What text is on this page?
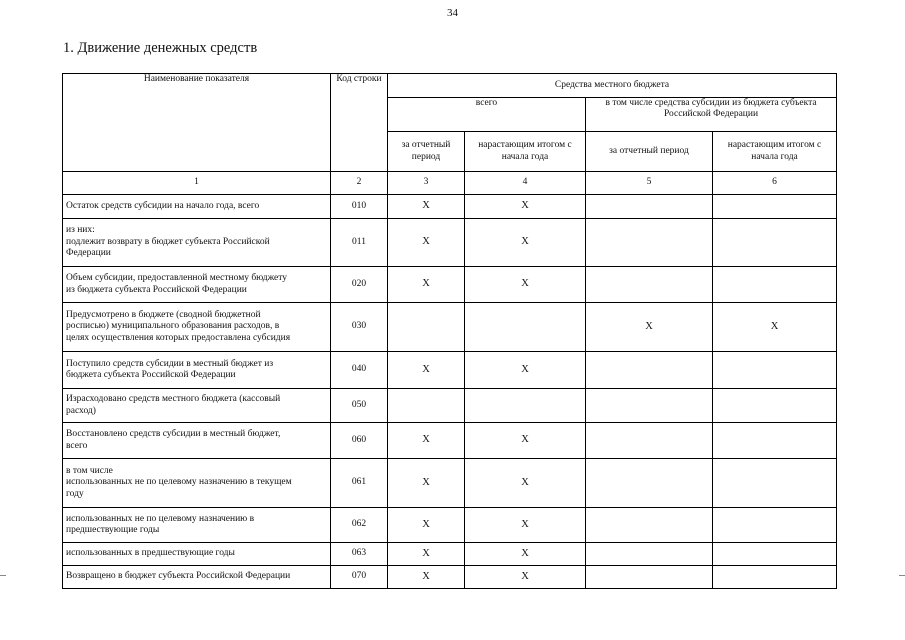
34
1. Движение денежных средств
Наименование показателя	Код строки	Средства местного бюджета			
		всего		в том числе средства субсидии из бюджета субъекта Российской Федерации	
		за отчетный период	нарастающим итогом с начала года	за отчетный период	нарастающим итогом с начала года
1	2	3	4	5	6

Остаток средств субсидии на начало года, всего	010	X	X		

из них:
подлежит возврату в бюджет субъекта Российской
Федерации	011	X	X		

Объем субсидии, предоставленной местному бюджету
из бюджета субъекта Российской Федерации	020	X	X		

Предусмотрено в бюджете (сводной бюджетной
росписью) муниципального образования расходов, в
целях осуществления которых предоставлена субсидия	030			X	X

Поступило средств субсидии в местный бюджет из
бюджета субъекта Российской Федерации	040	X	X		

Израсходовано средств местного бюджета (кассовый
расход)	050				

Восстановлено средств субсидии в местный бюджет,
всего	060	X	X		

в том числе
использованных не по целевому назначению в текущем
году	061	X	X		

использованных не по целевому назначению в
предшествующие годы	062	X	X		

использованных в предшествующие годы	063	X	X		

Возвращено в бюджет субъекта Российской Федерации	070	X	X		
